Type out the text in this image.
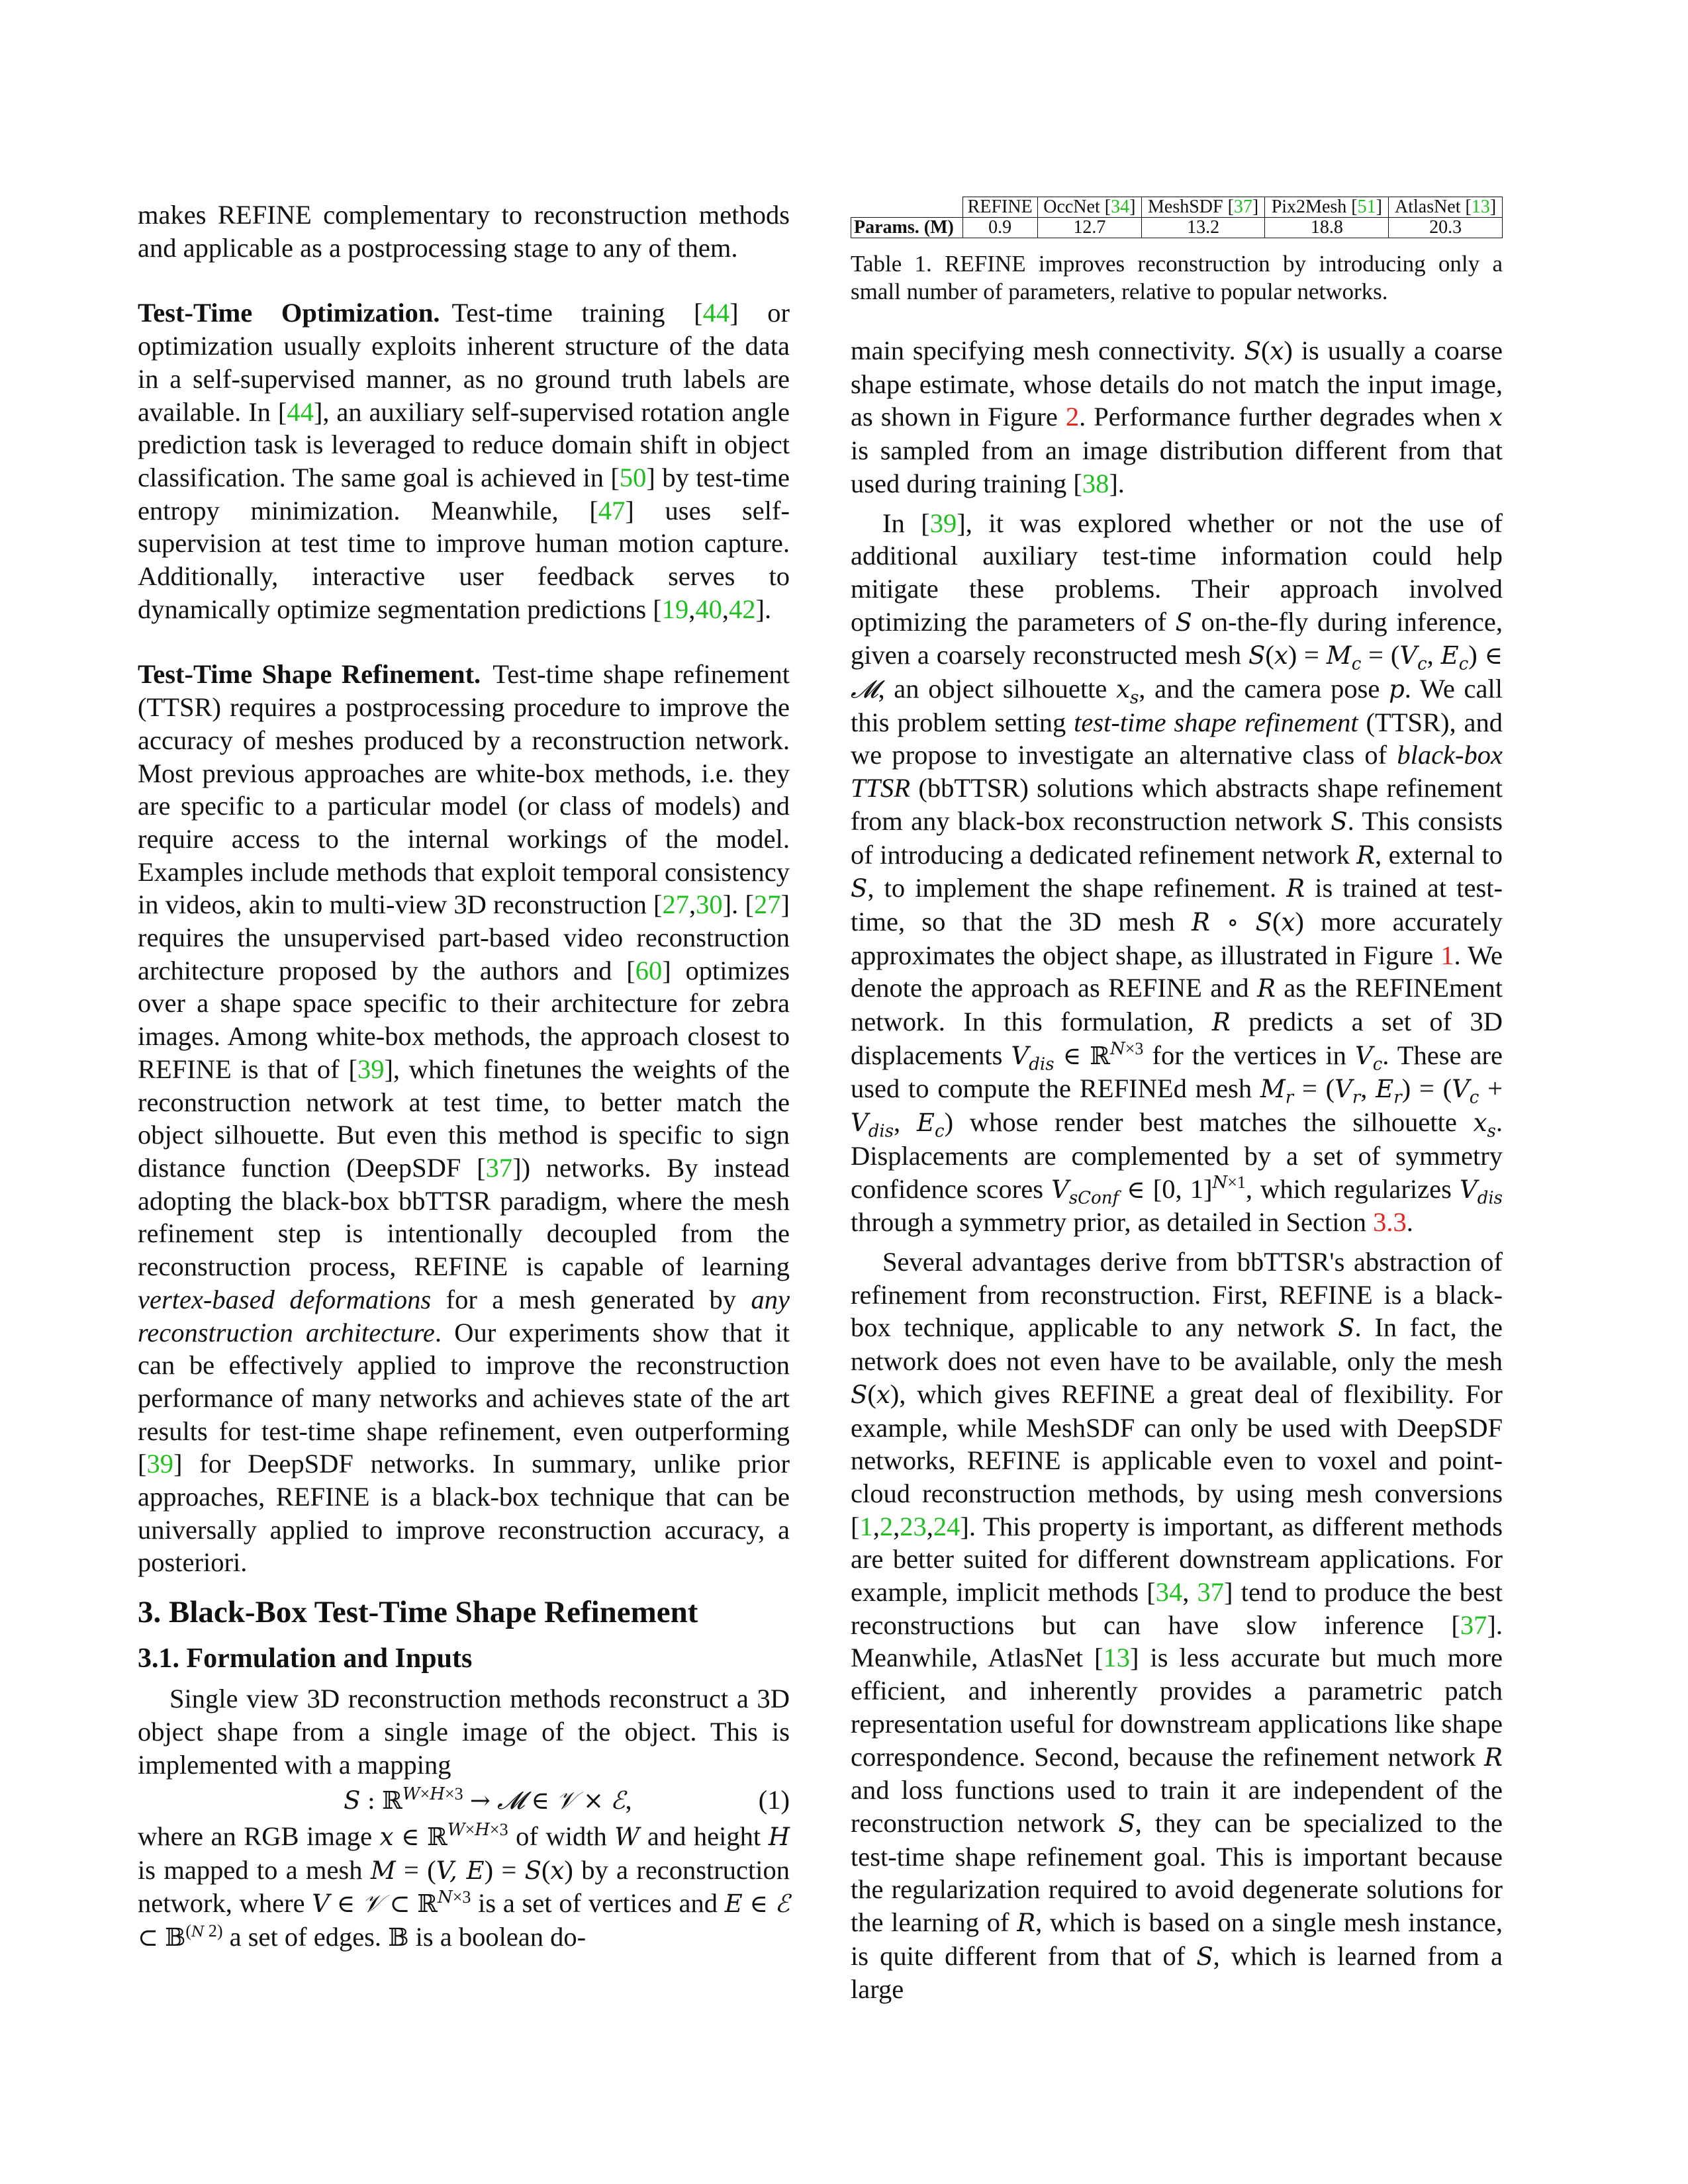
makes REFINE complementary to reconstruction methods and applicable as a postprocessing stage to any of them.

Test-Time Optimization. Test-time training [44] or optimization usually exploits inherent structure of the data in a self-supervised manner, as no ground truth labels are available. In [44], an auxiliary self-supervised rotation angle prediction task is leveraged to reduce domain shift in object classification. The same goal is achieved in [50] by test-time entropy minimization. Meanwhile, [47] uses self-supervision at test time to improve human motion capture. Additionally, interactive user feedback serves to dynamically optimize segmentation predictions [19,40,42].

Test-Time Shape Refinement. Test-time shape refinement (TTSR) requires a postprocessing procedure to improve the accuracy of meshes produced by a reconstruction network. Most previous approaches are white-box methods, i.e. they are specific to a particular model (or class of models) and require access to the internal workings of the model. Examples include methods that exploit temporal consistency in videos, akin to multi-view 3D reconstruction [27,30]. [27] requires the unsupervised part-based video reconstruction architecture proposed by the authors and [60] optimizes over a shape space specific to their architecture for zebra images. Among white-box methods, the approach closest to REFINE is that of [39], which finetunes the weights of the reconstruction network at test time, to better match the object silhouette. But even this method is specific to sign distance function (DeepSDF [37]) networks. By instead adopting the black-box bbTTSR paradigm, where the mesh refinement step is intentionally decoupled from the reconstruction process, REFINE is capable of learning vertex-based deformations for a mesh generated by any reconstruction architecture. Our experiments show that it can be effectively applied to improve the reconstruction performance of many networks and achieves state of the art results for test-time shape refinement, even outperforming [39] for DeepSDF networks. In summary, unlike prior approaches, REFINE is a black-box technique that can be universally applied to improve reconstruction accuracy, a posteriori.

3. Black-Box Test-Time Shape Refinement
3.1. Formulation and Inputs

Single view 3D reconstruction methods reconstruct a 3D object shape from a single image of the object. This is implemented with a mapping

S : ℝ$^{W\times H\times 3}$ → 𝓜 ∈ 𝒱 × ℰ,	(1)

where an RGB image x ∈ ℝ$^{W\times H\times 3}$ of width W and height H is mapped to a mesh M = (V, E) = S(x) by a reconstruction network, where V ∈ 𝒱 ⊂ ℝ$^{N\times 3}$ is a set of vertices and E ∈ ℰ ⊂ 𝔹$^{(N 2)}$ a set of edges. 𝔹 is a boolean do-

	REFINE	OccNet [34]	MeshSDF [37]	Pix2Mesh [51]	AtlasNet [13]
Params. (M)	0.9	12.7	13.2	18.8	20.3
Table 1. REFINE improves reconstruction by introducing only a small number of parameters, relative to popular networks.

main specifying mesh connectivity. S(x) is usually a coarse shape estimate, whose details do not match the input image, as shown in Figure 2. Performance further degrades when x is sampled from an image distribution different from that used during training [38].

In [39], it was explored whether or not the use of additional auxiliary test-time information could help mitigate these problems. Their approach involved optimizing the parameters of S on-the-fly during inference, given a coarsely reconstructed mesh $S(x) = M_c = (V_c$, $E_c$) ∈ 𝓜, an object silhouette $x_s$, and the camera pose p. We call this problem setting test-time shape refinement (TTSR), and we propose to investigate an alternative class of black-box TTSR (bbTTSR) solutions which abstracts shape refinement from any black-box reconstruction network S. This consists of introducing a dedicated refinement network R, external to S, to implement the shape refinement. R is trained at test-time, so that the 3D mesh R ∘ S(x) more accurately approximates the object shape, as illustrated in Figure 1. We denote the approach as REFINE and R as the REFINEment network. In this formulation, R predicts a set of 3D displacements $V_{dis}$ ∈ ℝ$^{N\times 3}$ for the vertices in $V_c$. These are used to compute the REFINEd mesh $M_r = (V_r$, $E_r) = (V_c + V_{dis}$, $E_c$) whose render best matches the silhouette $x_s$. Displacements are complemented by a set of symmetry confidence scores $V_{sConf}$ ∈ [0, 1]$^{N\times 1}$, which regularizes $V_{dis}$ through a symmetry prior, as detailed in Section 3.3.

Several advantages derive from bbTTSR's abstraction of refinement from reconstruction. First, REFINE is a black-box technique, applicable to any network S. In fact, the network does not even have to be available, only the mesh S(x), which gives REFINE a great deal of flexibility. For example, while MeshSDF can only be used with DeepSDF networks, REFINE is applicable even to voxel and point-cloud reconstruction methods, by using mesh conversions [1,2,23,24]. This property is important, as different methods are better suited for different downstream applications. For example, implicit methods [34, 37] tend to produce the best reconstructions but can have slow inference [37]. Meanwhile, AtlasNet [13] is less accurate but much more efficient, and inherently provides a parametric patch representation useful for downstream applications like shape correspondence. Second, because the refinement network R and loss functions used to train it are independent of the reconstruction network S, they can be specialized to the test-time shape refinement goal. This is important because the regularization required to avoid degenerate solutions for the learning of R, which is based on a single mesh instance, is quite different from that of S, which is learned from a large
